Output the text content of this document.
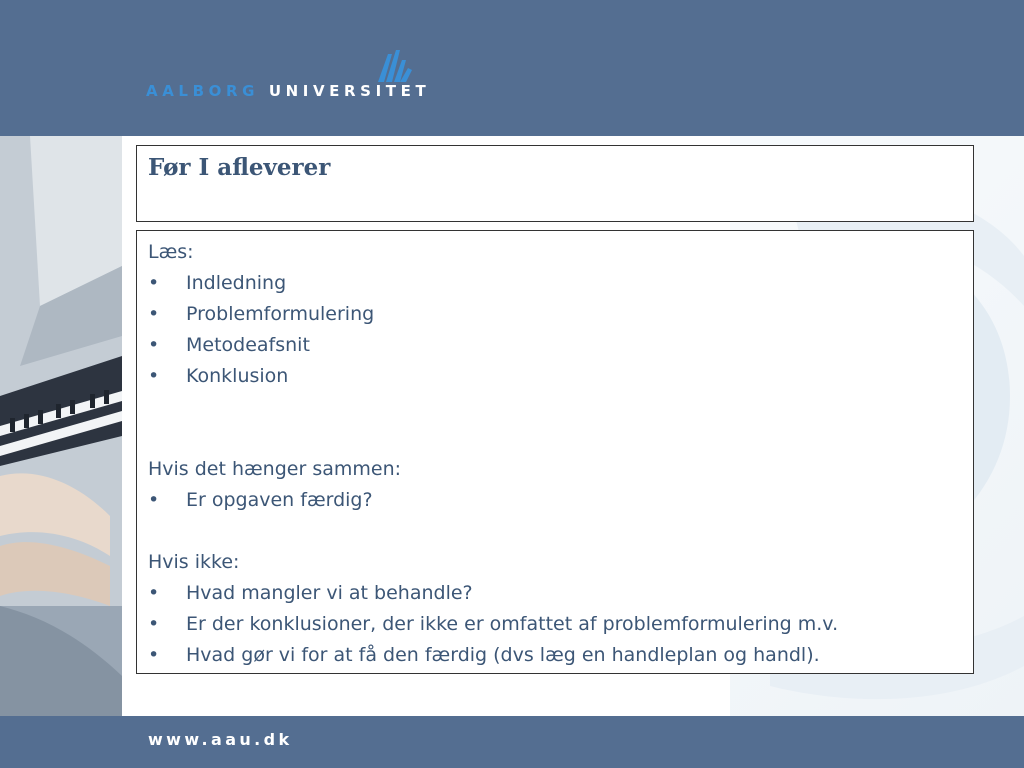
AALBORG UNIVERSITET
Før I afleverer
Læs:
• Indledning
• Problemformulering
• Metodeafsnit
• Konklusion
Hvis det hænger sammen:
• Er opgaven færdig?
Hvis ikke:
• Hvad mangler vi at behandle?
• Er der konklusioner, der ikke er omfattet af problemformulering m.v.
• Hvad gør vi for at få den færdig (dvs læg en handleplan og handl).
www.aau.dk
